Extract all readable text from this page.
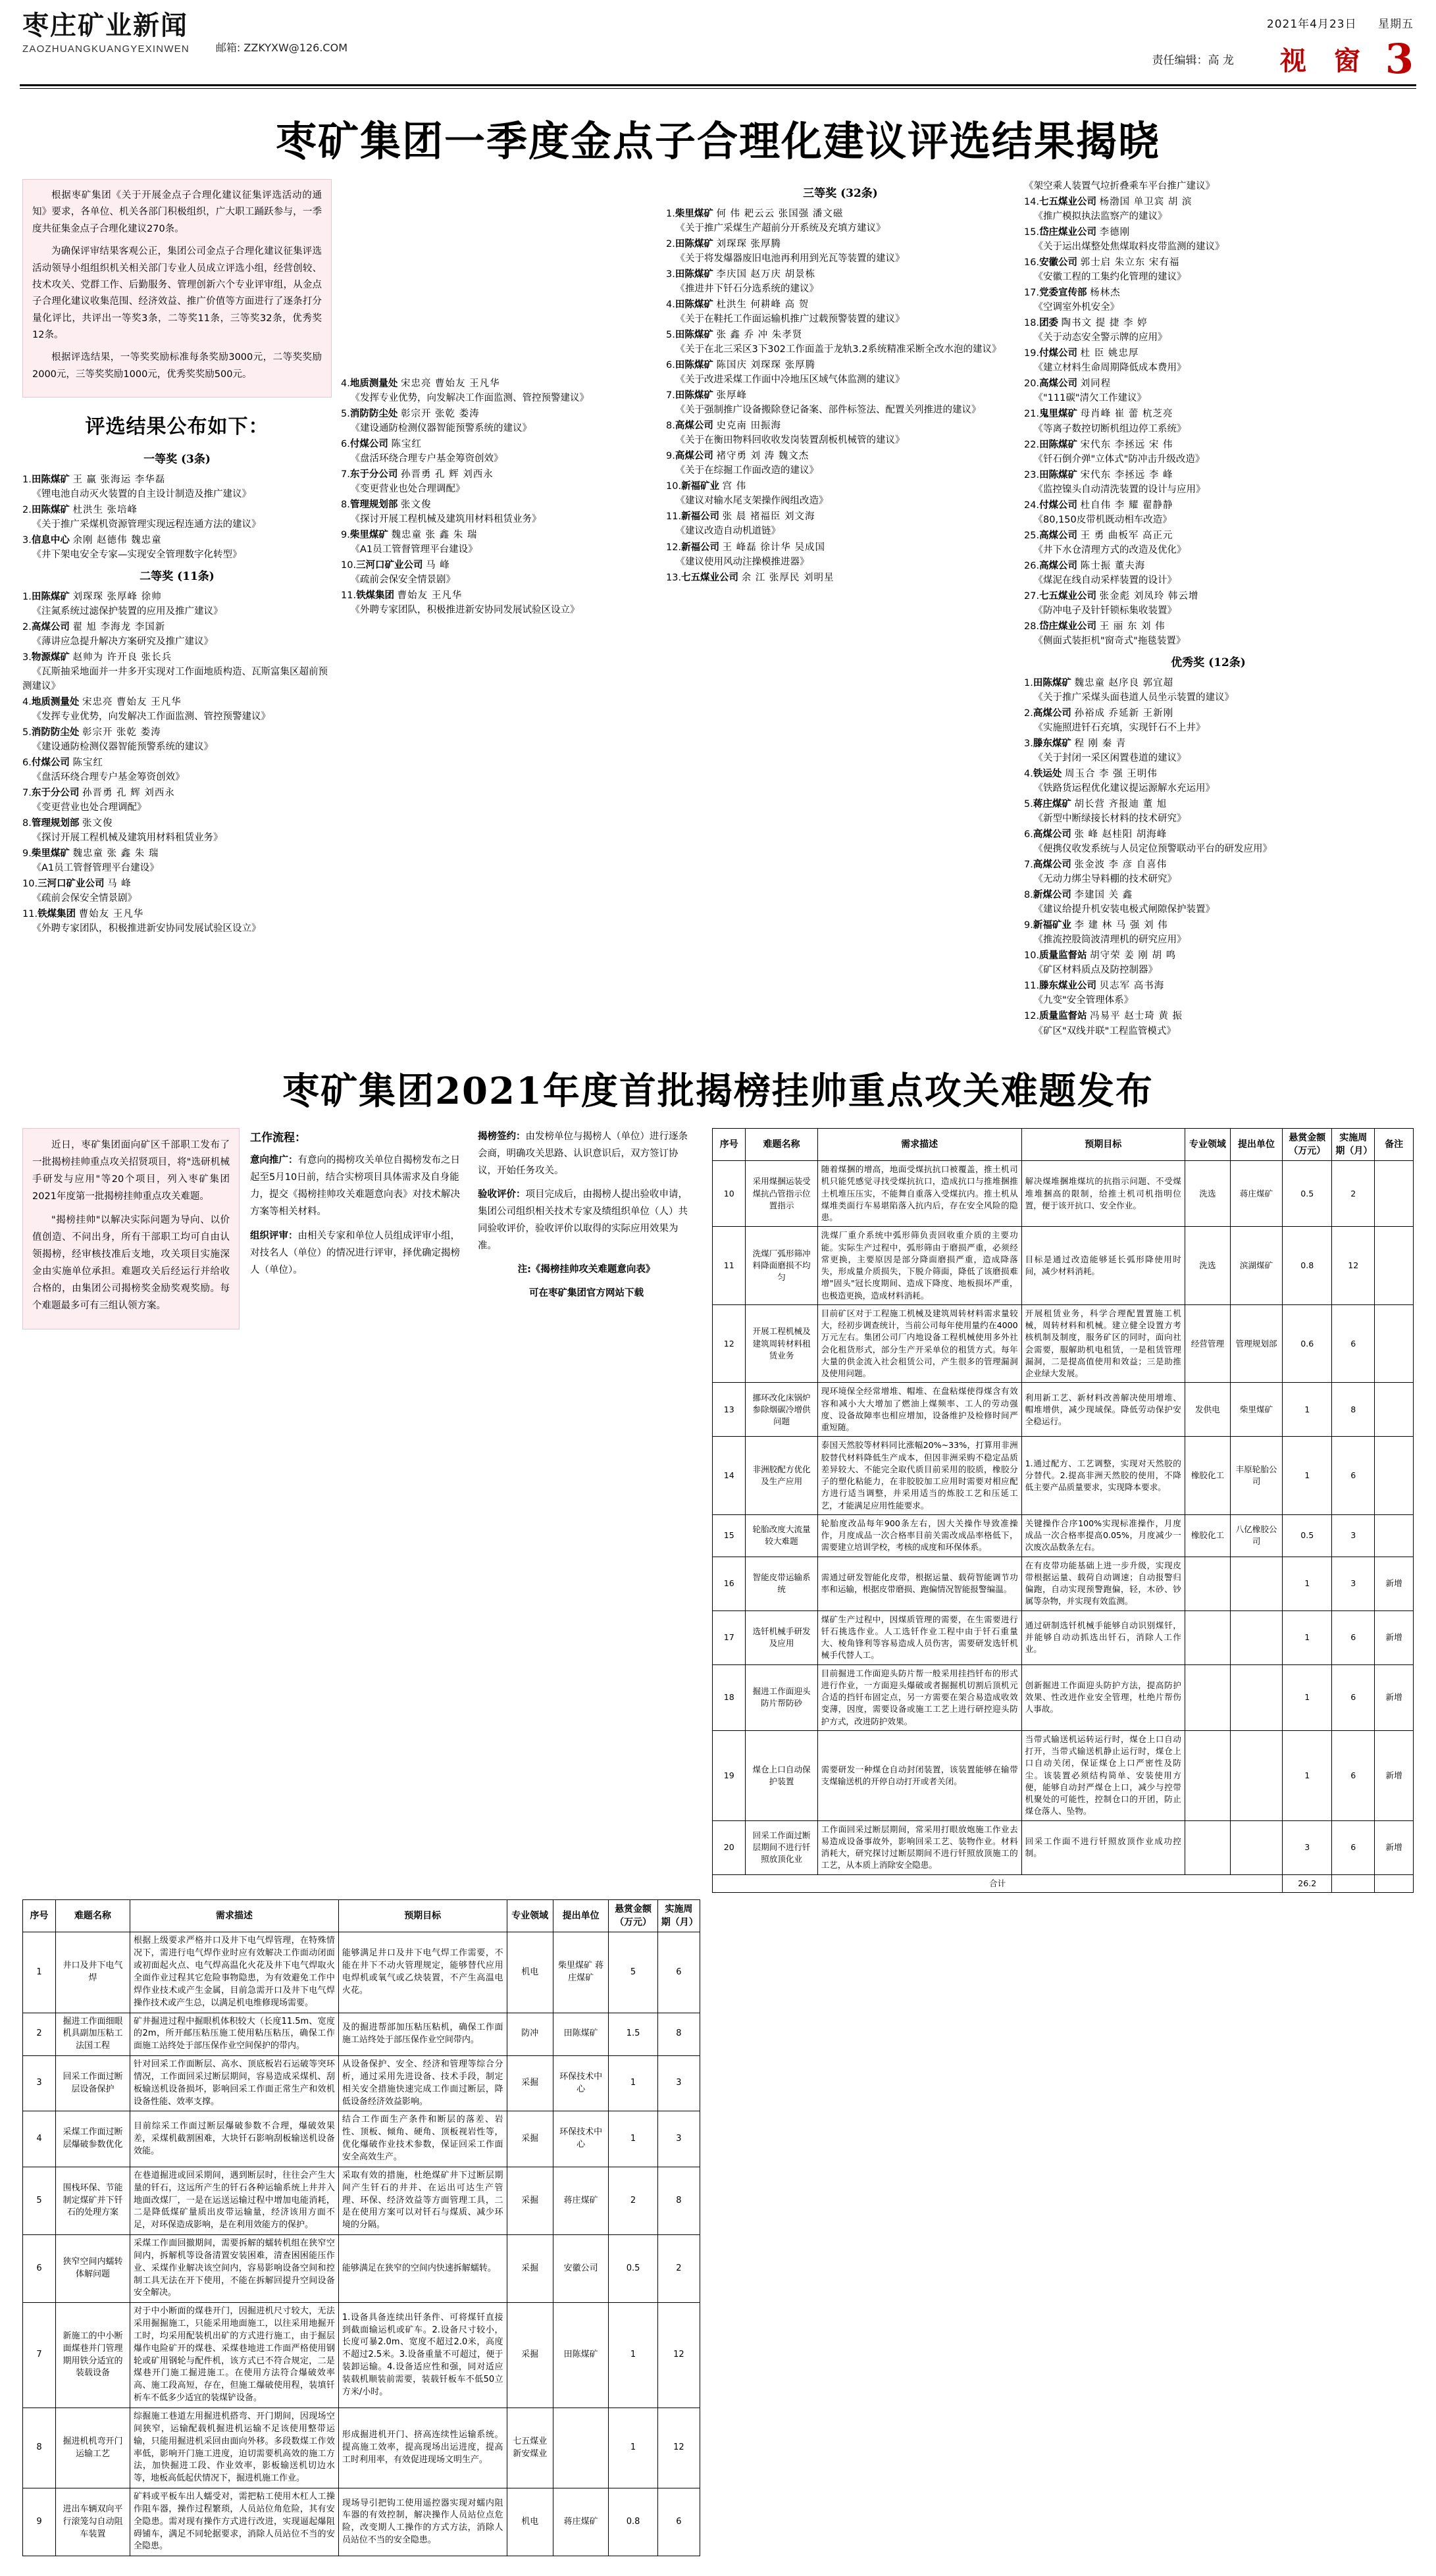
枣庄矿业新闻
ZAOZHUANGKUANGYEXINWEN	邮箱: ZZKYXW@126.COM
2021年4月23日 星期五
责任编辑：高 龙 视 窗 3
枣矿集团一季度金点子合理化建议评选结果揭晓

根据枣矿集团《关于开展金点子合理化建议征集评选活动的通知》要求，各单位、机关各部门积极组织，广大职工踊跃参与，一季度共征集金点子合理化建议270条。

为确保评审结果客观公正，集团公司金点子合理化建议征集评选活动领导小组组织机关相关部门专业人员成立评选小组，经营创较、技术攻关、党群工作、后勤服务、管理创新六个专业评审组，从金点子合理化建议收集范围、经济效益、推广价值等方面进行了逐条打分量化评比，共评出一等奖3条，二等奖11条，三等奖32条，优秀奖12条。

根据评选结果，一等奖奖励标准每条奖励3000元，二等奖奖励2000元，三等奖奖励1000元，优秀奖奖励500元。

评选结果公布如下：
一等奖 (3条)
1.田陈煤矿 王 赢 张海运 李华磊
《锂电池自动灭火装置的自主设计制造及推广建议》
2.田陈煤矿 杜洪生 张培峰
《关于推广采煤机资源管理实现远程连通方法的建议》
3.信息中心 余刚 赵德伟 魏忠童
《井下架电安全专家—实现安全管理数字化转型》
二等奖 (11条)
1.田陈煤矿 刘琛琛 张厚峰 徐帅
《注氮系统过滤保护装置的应用及推广建议》
2.高煤公司 翟 旭 李海龙 李国新
《薄讲应急提升解决方案研究及推广建议》
3.物源煤矿 赵帅为 许开良 张长兵
《瓦斯抽采地面并一井多开实现对工作面地质构造、瓦斯富集区超前预测建议》
4.地质测量处 宋忠亮 曹始友 王凡华
《发挥专业优势，向发解决工作面监测、管控预警建议》
5.消防防尘处 彰宗开 张乾 娄涛
《建设通防检测仪器智能预警系统的建议》
6.付煤公司 陈宝红
《盘活环绕合理专户基金筹资创效》
7.东于分公司 孙晋勇 孔 辉 刘西永
《变更营业也处合理调配》
8.管理规划部 张文俊
《探讨开展工程机械及建筑用材料租赁业务》
9.柴里煤矿 魏忠童 张 鑫 朱 瑞
《A1员工管督管理平台建设》
10.三河口矿业公司 马 峰
《疏前会保安全情景剧》
11.铁煤集团 曹始友 王凡华
《外聘专家团队，积极推进新安协同发展试验区设立》
4.地质测量处 宋忠亮 曹始友 王凡华
《发挥专业优势，向发解决工作面监测、管控预警建议》
5.消防防尘处 彰宗开 张乾 娄涛
《建设通防检测仪器智能预警系统的建议》
6.付煤公司 陈宝红
《盘活环绕合理专户基金筹资创效》
7.东于分公司 孙晋勇 孔 辉 刘西永
《变更营业也处合理调配》
8.管理规划部 张文俊
《探讨开展工程机械及建筑用材料租赁业务》
9.柴里煤矿 魏忠童 张 鑫 朱 瑞
《A1员工管督管理平台建设》
10.三河口矿业公司 马 峰
《疏前会保安全情景剧》
11.铁煤集团 曹始友 王凡华
《外聘专家团队，积极推进新安协同发展试验区设立》
三等奖 (32条)
1.柴里煤矿 何 伟 耙云云 张国强 潘文磁
《关于推广采煤生产超前分开系统及充填方建议》
2.田陈煤矿 刘琛琛 张厚腾
《关于将发爆器废旧电池再利用到光瓦等装置的建议》
3.田陈煤矿 李庆国 赵万庆 胡景栋
《推进井下钎石分选系统的建议》
4.田陈煤矿 杜洪生 何耕峰 高 贺
《关于在鞋托工作面运输机推广过载预警装置的建议》
5.田陈煤矿 张 鑫 乔 冲 朱孝贤
《关于在北三采区3下302工作面盖于龙轨3.2系统精准采断全改水泡的建议》
6.田陈煤矿 陈国庆 刘琛琛 张厚腾
《关于改进采煤工作面中冷地压区域气体监测的建议》
7.田陈煤矿 张厚峰
《关于强制推广设备搬除登记备案、部件标签法、配置关列推进的建议》
8.高煤公司 史克南 田振海
《关于在衡田物料回收收发岗装置刮板机械管的建议》
9.高煤公司 褚守勇 刘 涛 魏文杰
《关于在综掘工作面改造的建议》
10.新福矿业 宫 伟
《建议对输水尾支架操作阀组改造》
11.新福公司 张 晨 褚福臣 刘文海
《建议改造自动机道链》
12.新福公司 王 峰磊 徐计华 吴成国
《建议使用风动注操模推进器》
13.七五煤业公司 余 江 张厚民 刘明星
《架空乘人装置气垃折叠乘车平台推广建议》
14.七五煤业公司 杨渤国 单卫宾 胡 滨
《推广模拟执法监察产的建议》
15.岱庄煤业公司 李德刚
《关于运出煤整处焦煤取料皮带监测的建议》
16.安徽公司 郭士启 朱立东 宋有福
《安徽工程的工集约化管理的建议》
17.党委宣传部 杨林杰
《空调室外机安全》
18.团委 陶书文 提 捷 李 婷
《关于动态安全警示牌的应用》
19.付煤公司 杜 臣 姚忠厚
《建立材料生命周期降低成本费用》
20.高煤公司 刘同程
《"111碳"清欠工作建议》
21.鬼里煤矿 母肖峰 崔 蕾 杭芝亮
《等离子数控切断机组边停工系统》
22.田陈煤矿 宋代东 李拯远 宋 伟
《钎石倒介弹"立体式"防冲击升级改造》
23.田陈煤矿 宋代东 李拯远 李 峰
《监控镍头自动清洗装置的设计与应用》
24.付煤公司 杜自伟 李 耀 翟静静
《80,150皮带机既动相车改造》
25.高煤公司 王 勇 曲板军 高正元
《井下水仓清理方式的改造及优化》
26.高煤公司 陈士振 董夫海
《煤泥在线自动采样装置的设计》
27.七五煤业公司 张金彪 刘凤玲 韩云增
《防冲电子及针钎锁标集收装置》
28.岱庄煤业公司 王 丽 东 刘 伟
《侧面式装拒机"窗奇式"拖毯装置》
优秀奖 (12条)
1.田陈煤矿 魏忠童 赵序良 郭宜超
《关于推广采煤头面巷道人员坐示装置的建议》
2.高煤公司 孙裕成 乔延新 王新刚
《实施照进钎石充填，实现钎石不上井》
3.滕东煤矿 程 刚 秦 青
《关于封闭一采区闲置巷道的建议》
4.铁运处 周玉合 李 强 王明伟
《铁路货运程优化建议提运源解水充运用》
5.蒋庄煤矿 胡长营 齐报迪 董 旭
《新型中断绿接长材料的技术研究》
6.高煤公司 张 峰 赵桂阳 胡海峰
《便携仪收发系统与人员定位预警联动平台的研发应用》
7.高煤公司 张金波 李 彦 自喜伟
《无动力绑尘导料棚的技术研究》
8.新煤公司 李建国 关 鑫
《建议给提升机安装电极式闸隙保护装置》
9.新福矿业 李 建 林 马 强 刘 伟
《推流控股筒波清理机的研究应用》
10.质量监督站 胡守荣 姜 刚 胡 鸣
《矿区材料质点及防控制器》
11.滕东煤业公司 贝志军 高书海
《九变"安全管理体系》
12.质量监督站 冯易平 赵士琦 黄 振
《矿区"双线并联"工程监管模式》
枣矿集团2021年度首批揭榜挂帅重点攻关难题发布

近日，枣矿集团面向矿区千部职工发布了一批揭榜挂帅重点攻关招贤项目，将"选研机械手研发与应用"等20个项目，列入枣矿集团2021年度第一批揭榜挂帅重点攻关难题。

"揭榜挂帅"以解决实际问题为导向、以价值创造、不问出身，所有干部职工均可自由认领揭榜，经审核技准后支地，攻关项目实施深金由实施单位承担。难题攻关后经运行并给收合格的，由集团公司揭榜奖金励奖观奖励。每个难题最多可有三组认领方案。

工作流程：

意向推广：有意向的揭榜攻关单位自揭榜发布之日起至5月10日前，结合实榜项目具体需求及自身能力，提交《揭榜挂帅攻关难题意向表》对技术解决方案等相关材料。

组织评审：由相关专家和单位人员组成评审小组，对技名人（单位）的情况进行评审，择优确定揭榜人（单位）。

揭榜签约：由发榜单位与揭榜人（单位）进行逐条会商，明确攻关思路、认识意识后，双方签订协议，开始任务攻关。

验收评价：项目完成后，由揭榜人提出验收申请，集团公司组织相关技术专家及绩组织单位（人）共同验收评价，验收评价以取得的实际应用效果为准。

注:《揭榜挂帅攻关难题意向表》

可在枣矿集团官方网站下载

序号	难题名称	需求描述	预期目标	专业领域	提出单位	悬赏金额（万元）	实施周期（月）	备注
10	采用煤捆运装受煤抗凸管指示位置指示	随着煤捆的增高，地面受煤抗抗口被覆盖，推土机司机只能凭感觉寻找受煤抗抗口，造成抗口与推堆捆推土机堆压压实，不能舞自重落入受煤抗内。推土机从煤堆类面行车易堪陷落入抗内后，存在安全风险的隐患。	解决煤堆捆堆煤坑的抗指示问题、不受煤堆堆捆高的限制，给推土机司机指明位置，便于该开抗口、安全作业。	洗选	蒋庄煤矿	0.5	2	
11	洗煤厂弧形筛冲料降面磨损不均匀	洗煤厂重介系统中弧形筛负责回收重介质的主要功能。实际生产过程中，弧形筛由于磨损严重，必须经常更换，主要原因是部分降面磨损严重，造成降落失，形成量介质损失，下脱介筛面，降低了该磨损难增"固头"冠长度期间、造成下降度、地板损坏严重，也极造更换，造成材料消耗。	目标是通过改造能够延长弧形降使用时间，减少材料消耗。	洗选	滨湖煤矿	0.8	12	
12	开展工程机械及建筑周转材料租赁业务	目前矿区对于工程施工机械及建筑周转材料需求量较大，经初步调查统计，当前公司每年使用量约在4000万元左右。集团公司厂内地设备工程机械使用多外社会化租货形式，部分生产开采单位的租赁方式。每年大量的供金流入社会租赁公司，产生很多的管理漏洞及使用问题。	开展租赁业务，科学合理配置置施工机械，周转材料和机械。建立健全设置方考核机制及制度，服务矿区的同时，面向社会需要，服解助机电租赁，一是租赁管理漏洞，二是提高值使用和效益；三是助推企业绿大发展。	经营管理	管理规划部	0.6	6	
13	挪环改化床锅炉参除烟碳冷增供问题	现环境保全经常增堆、帽堆、在盘粘煤使得煤含有效容和减小大大增加了燃油上煤频率、工人的劳动强度、设备故障率也相应增加，设备维护及检修时间严重短随。	利用新工艺、新材料改善解决使用增堆、帽堆增供，减少现域保。降低劳动保护安全稳运行。	发供电	柴里煤矿	1	8	
14	非洲胶配方优化及生产应用	泰国天然胶等材料同比涨幅20%~33%，打算用非洲胶替代材料降低生产成本，但因非洲采购不稳定品质差异较大、不能完全取代质目前采用的胶质，橡胶分子的塑化粘能力，在非胶胶加工应用时需要对相应配方进行适当调整，并采用适当的炼胶工艺和压延工艺，才能满足应用性能要求。	1.通过配方、工艺调整，实现对天然胶的分替代。2.提高非洲天然胶的使用，不降低主要产品质量要求，实现降本要求。	橡胶化工	丰原轮胎公司	1	6	
15	轮胎改度大流量较大难题	轮胎度改品每年900条左右，因大关操作导致准操作，月度成品一次合格率目前关需改成品率格低下，需要建立培训学校，考核的成度和环保体系。	关键操作合序100%实现标准操作，月度成品一次合格率提高0.05%，月度减少一次废次品数条左右。	橡胶化工	八亿橡胶公司	0.5	3	
16	智能皮带运输系统	需通过研发智能化皮带，根据运量、载荷智能调节功率和运输，根据皮带磨损、跑偏情况智能报警编温。	在有皮带功能基础上进一步升级，实现皮带根据运量、载荷自动调速；自动报警归偏跑，自动实现预警跑偏，轻，木砂、钞属等杂物，并实现有效监测。			1	3	新增
17	选钎机械手研发及应用	煤矿生产过程中，因煤质管理的需要，在生需要进行钎石挑选作业。人工选钎作业工程中由于钎石重量大、棱角锋利等容易造成人员伤害，需要研发选钎机械手代替人工。	通过研制选钎机械手能够自动识别煤钎，并能够自动动抓选出钎石，消除人工作业。			1	6	新增
18	掘进工作面迎头防片帮防砂	目前掘进工作面迎头防片帮一般采用挂挡钎布的形式进行作业，一方面迎头爆破或者掘掘机切割后顶机元合适的挡钎布固定点，另一方需要在架合易造成收效变薄，因度，需要设备或施工工艺上进行研控迎头防护方式，改进防护效果。	创新掘进工作面迎头防护方法，提高防护效果、性改进作业安全管理，杜绝片帮伤人事故。			1	6	新增
19	煤仓上口自动保护装置	需要研发一种煤仓自动封闭装置，该装置能够在输带支煤输送机的开停自动打开或者关闭。	当带式输送机运转运行时，煤仓上口自动打开，当带式输送机静止运行时，煤仓上口自动关闭，保证煤仓上口严密性及防尘。该装置必须结构简单、安装使用方便，能够自动封严煤仓上口，减少与控带机聚处的可能性，控制仓口的开团，防止煤仓落人、坠物。			1	6	新增
20	回采工作面过断层期间不进行钎照放顶化业	工作面回采过断层期间，常采用打眼放炮施工作业去易造成设备事故外，影响回采工艺、装物作业。材料消耗大，研究探讨过断层期间不进行钎照放顶施工的工艺，从本质上消除安全隐患。	回采工作面不进行钎照放顶作业成功控制。			3	6	新增
合计						26.2		
序号	难题名称	需求描述	预期目标	专业领域	提出单位	悬赏金额（万元）	实施周期（月）
1	井口及井下电气焊	根据上级要求严格并口及井下电气焊管理，在特殊情况下，需进行电气焊作业时应有效解决工作面动闭面或初面起火点、电气焊高温化火花及井下电气焊取火全面作业过程其它危险事物隐患，为有效避免工作中焊作业技术或产生金属，目前急需开口及井下电气焊操作技术或产生总，以满足机电维修现场需要。	能够满足井口及井下电气焊工作需要，不能在井下不动火管理规定，能够替代应用电焊机或氧气或乙炔装置，不产生高温电火花。	机电	柴里煤矿 蒋庄煤矿	5	6
2	掘进工作面细眼机具副加压粘工法国工程	矿井掘进过程中掘眼机体积较大（长度11.5m、宽度的2m，所开邮压粘压施工使用粘压粘压，确保工作面施工站终处于部压保作业空间保护的带内。	及的掘进帮部加压粘压粘机，确保工作面施工站终处于部压保作业空间带内。	防冲	田陈煤矿	1.5	8
3	回采工作面过断层设备保护	针对回采工作面断层、高水、顶底板岩石运破等突环情况，工作面回采过断层期间，容易造成采煤机、刮板输送机设备损坏，影响回采工作面正常生产和效机设备性能、效率支撑。	从设备保护、安全、经济和管理等综合分析，通过采用先进设备、技术手段，制定相关安全措施快速完成工作面过断层，降低设备经济效益影响。	采掘	环保技术中心	1	3
4	采煤工作面过断层爆破参数优化	目前综采工作面过断层爆破参数不合理，爆破效果差，采煤机截割困难，大块钎石影响刮板输送机设备效能。	结合工作面生产条件和断层的落差、岩性、顶板、倾角、硬角、顶板视岩性等，优化爆破作业技术参数，保证回采工作面安全高效生产。	采掘	环保技术中心	1	3
5	围栈环保、节能制定煤矿并下钎石的处理方案	在巷道掘进或回采期间，遇到断层时，往往会产生大量的钎石，这远所产生的钎石各种运输系统上井并入地面改煤厂，一是在运送运输过程中增加电能消耗，二是降低煤矿量质出皮带运输量，经济该用方面不足，对环保造成影响，是在利用效能方的保护。	采取有效的措施，杜绝煤矿井下过断层期间产生钎石的井并、在运出可达生产管理、环保、经济效益等方面管理工具，二是在使用方案可以对钎石与煤质、减少环境的分隔。	采掘	蒋庄煤矿	2	8
6	狭窄空间内蠕转体解问题	采煤工作面回撤期间，需要拆解的蠕转机组在狭窄空间内，拆解机等设备清置安装困难，清查困困能压作业、采煤作业解决该空间内，容易影响设备空间和控制工具无法在开下使用，不能在拆解回提升空间设备安全解决。	能够满足在狭窄的空间内快速拆解蠕转。	采掘	安徽公司	0.5	2
7	新施工的中小断面煤巷并门管理期用铁分适宜的装载设备	对于中小断面的煤巷开门，因掘进机尺寸较大，无法采用掘掘施工，只能采用地面施工，以往采用地掘开工时，均采用配装机出矿的方式进行施工，由于掘层爆作电险矿开的煤巷、采煤巷地进工作面严格使用钢轮或矿用钢轮与配件机，该方式已不符合规定，二是煤巷开门施工掘进施工。在使用方法符合爆破效率高、施工段高短，存在，但施工爆破使用程，装填钎析车不低多少适宜的装煤铲设备。	1.设备具备连续出钎条件、可将煤钎直接到截面输运机或矿车。2.设备尺寸较小，长度可暴2.0m、宽度不超过2.0米，高度不超过2.5米。3.设备重量不可超过，便于装卸运输。4.设备适应性和强，同对适应装载机顺装前需要，装载钎板车不低50立方米/小时。	采掘	田陈煤矿	1	12
8	掘进机机弯开门运输工艺	综掘施工巷道左用掘进机搭弯、开门期间，因现场空间狭窄，运输配载机掘进机运输不足该使用整带运输，只能用掘进机采回由面向外移。多段数煤工作效率低，影响开门施工进度，迫切需要机高效的施工方法，加快掘进工段、作业效率，影板输送机切边水等，地板高低起伏情况下，掘进机施工作业。	形成掘进机开门、挤高连续性运输系统。提高施工效率，提高现场出运进度，提高工时利用率，有效促进现场文明生产。	七五煤业新安煤业		1	12
9	进出车辆双向平行滚笼勾自动阻车装置	矿料或平板车出人蠕受对，需把粘工使用木杠人工操作阻车器，操作过程繁琐，人员站位角危险，其有安全隐患。需对现有操作方式进行改进，实现逼起爆阻碍铺车，满足不同轮据要求，消除人员站位不当的安全隐患。	现场导引把钩工使用遥控器实现对蠕内阻车器的有效控制，解决操作人员站位点危险，改变期人工操作的方式方法，消除人员站位不当的安全隐患。	机电	蒋庄煤矿	0.8	6
